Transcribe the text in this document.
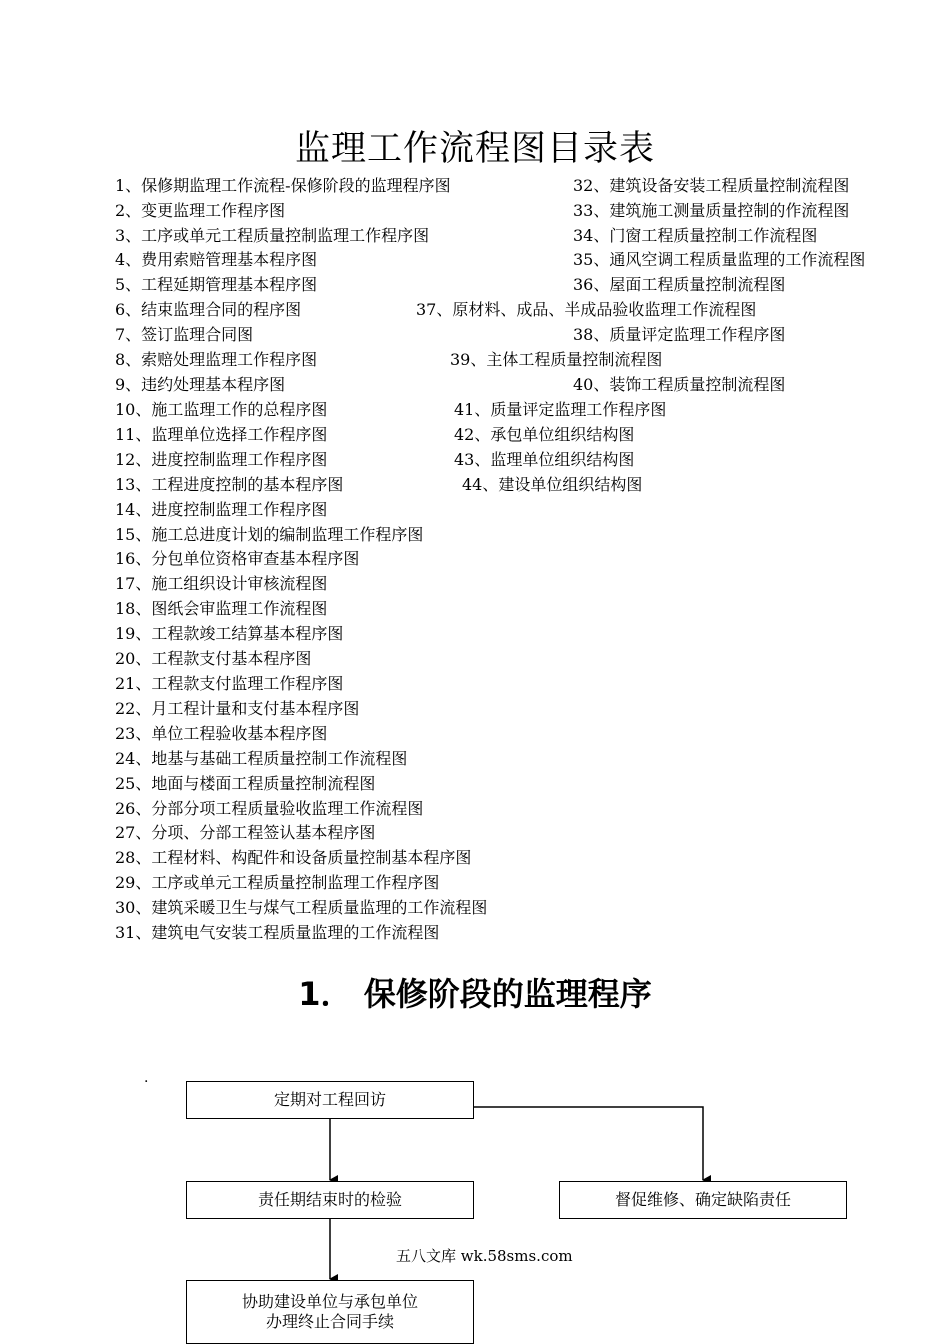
监理工作流程图目录表
1、保修期监理工作流程-保修阶段的监理程序图
2、变更监理工作程序图
3、工序或单元工程质量控制监理工作程序图
4、费用索赔管理基本程序图
5、工程延期管理基本程序图
6、结束监理合同的程序图
7、签订监理合同图
8、索赔处理监理工作程序图
9、违约处理基本程序图
10、施工监理工作的总程序图
11、监理单位选择工作程序图
12、进度控制监理工作程序图
13、工程进度控制的基本程序图
14、进度控制监理工作程序图
15、施工总进度计划的编制监理工作程序图
16、分包单位资格审查基本程序图
17、施工组织设计审核流程图
18、图纸会审监理工作流程图
19、工程款竣工结算基本程序图
20、工程款支付基本程序图
21、工程款支付监理工作程序图
22、月工程计量和支付基本程序图
23、单位工程验收基本程序图
24、地基与基础工程质量控制工作流程图
25、地面与楼面工程质量控制流程图
26、分部分项工程质量验收监理工作流程图
27、分项、分部工程签认基本程序图
28、工程材料、构配件和设备质量控制基本程序图
29、工序或单元工程质量控制监理工作程序图
30、建筑采暖卫生与煤气工程质量监理的工作流程图
31、建筑电气安装工程质量监理的工作流程图
32、建筑设备安装工程质量控制流程图
33、建筑施工测量质量控制的作流程图
34、门窗工程质量控制工作流程图
35、通风空调工程质量监理的工作流程图
36、屋面工程质量控制流程图
37、原材料、成品、半成品验收监理工作流程图
38、质量评定监理工作程序图
39、主体工程质量控制流程图
40、装饰工程质量控制流程图
41、质量评定监理工作程序图
42、承包单位组织结构图
43、监理单位组织结构图
44、建设单位组织结构图
1． 保修阶段的监理程序
·
定期对工程回访
责任期结束时的检验	督促维修、确定缺陷责任
协助建设单位与承包单位
办理终止合同手续
五八文库 wk.58sms.com
